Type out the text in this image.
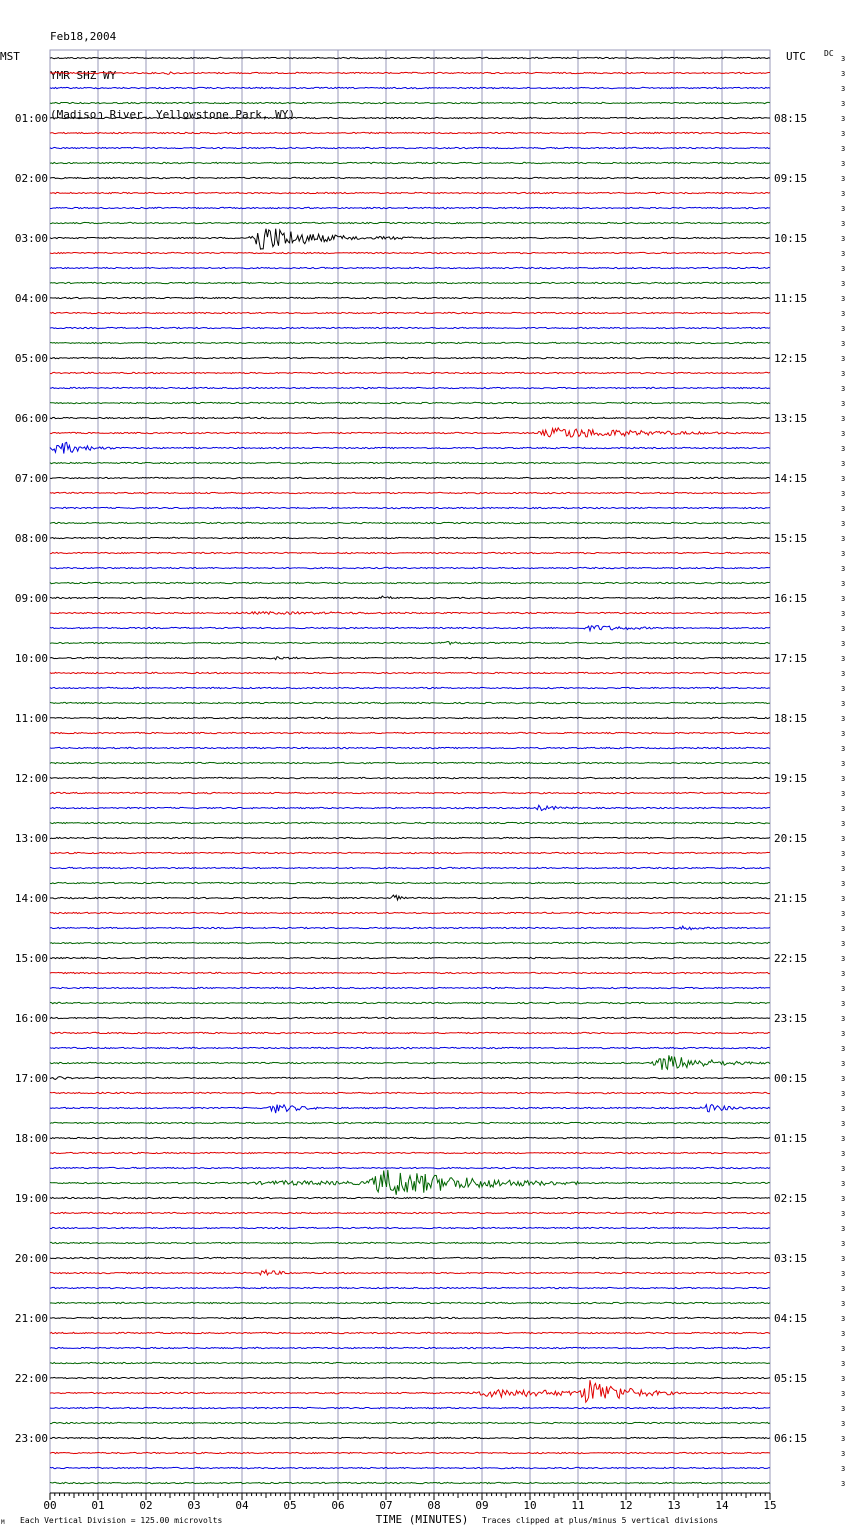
Feb18,2004

YMR SHZ WY

(Madison River, Yellowstone Park, WY)

MST	UTC DC
00	01	02	03	04	05	06	07	08	09	10	11	12	13	14	15
01:00	08:15
02:00	09:15
03:00	10:15
04:00	11:15
05:00	12:15
06:00	13:15
07:00	14:15
08:00	15:15
09:00	16:15
10:00	17:15
11:00	18:15
12:00	19:15
13:00	20:15
14:00	21:15
15:00	22:15
16:00	23:15
17:00	00:15
18:00	01:15
19:00	02:15
20:00	03:15
21:00	04:15
22:00	05:15
23:00	06:15
3
3
3
3
3
3
3
3
3
3
3
3
3
3
3
3
3
3
3
3
3
3
3
3
3
3
3
3
3
3
3
3
3
3
3
3
3
3
3
3
3
3
3
3
3
3
3
3
3
3
3
3
3
3
3
3
3
3
3
3
3
3
3
3
3
3
3
3
3
3
3
3
3
3
3
3
3
3
3
3
3
3
3
3
3
3
3
3
3
3
3
3
3
3
3
3
TIME (MINUTES)
M Each Vertical Division = 125.00 microvolts	Traces clipped at plus/minus 5 vertical divisions
